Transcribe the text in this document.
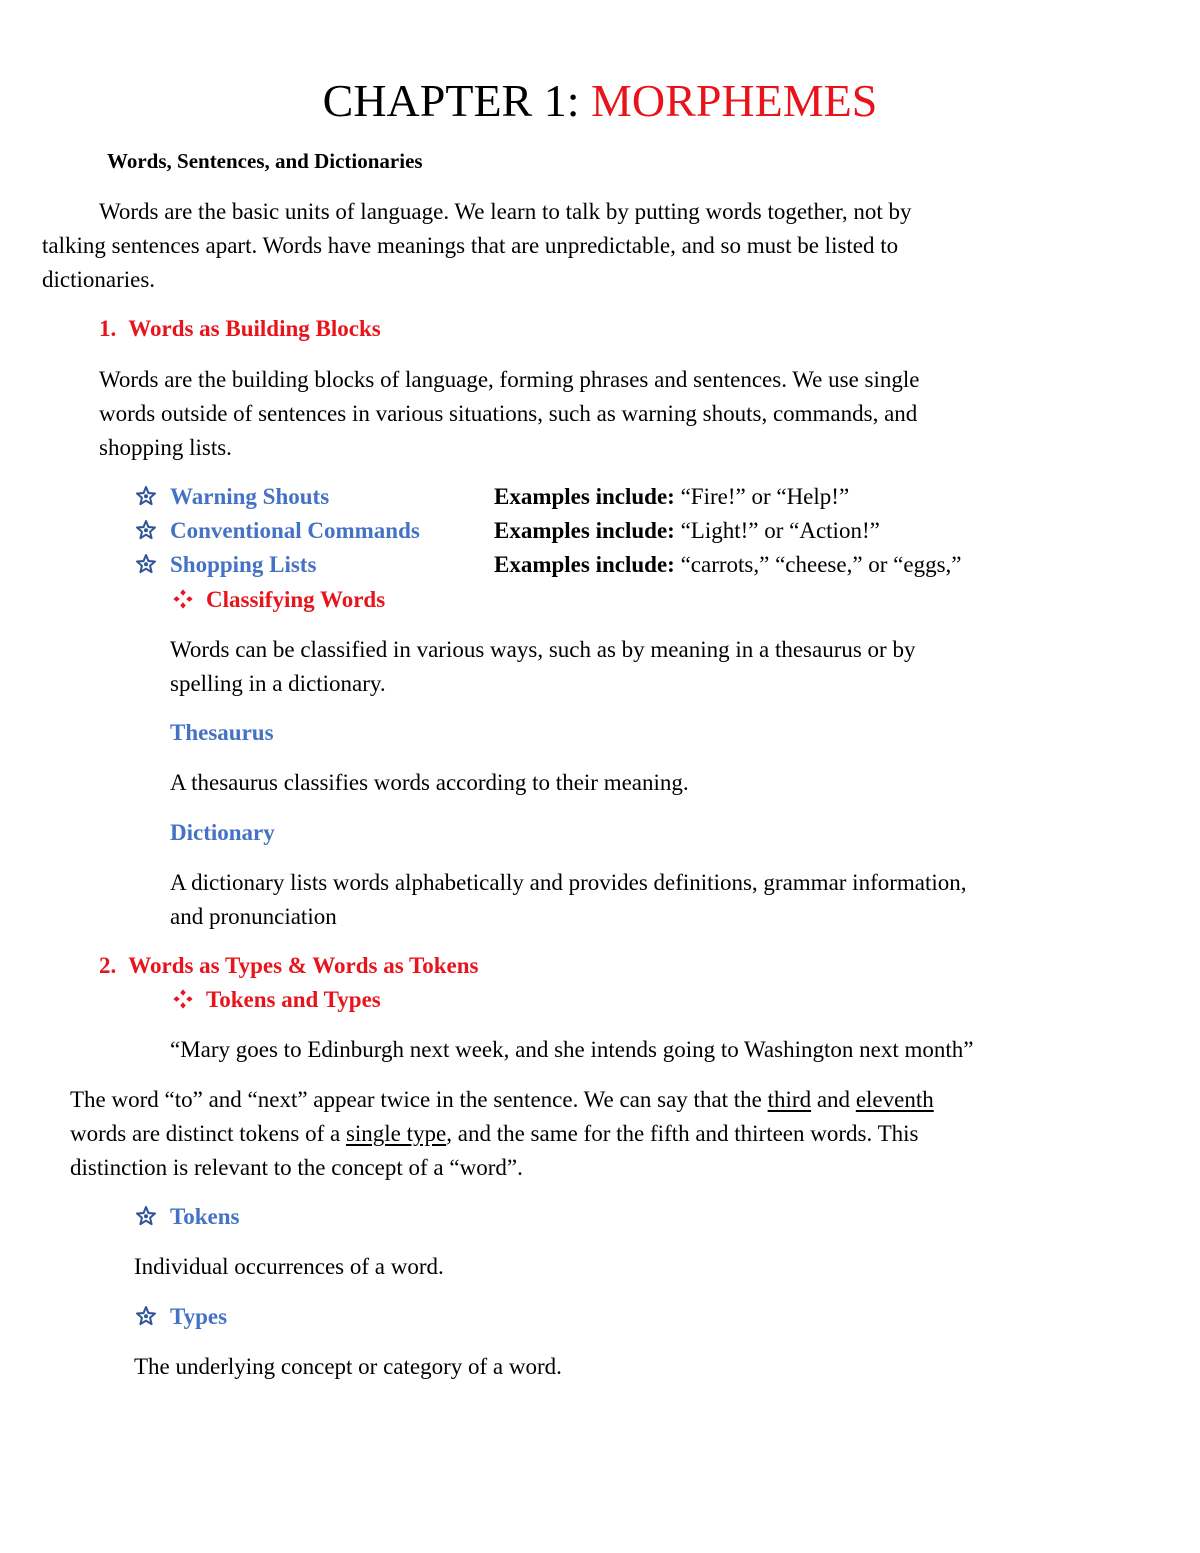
CHAPTER 1: MORPHEMES
Words, Sentences, and Dictionaries
Words are the basic units of language. We learn to talk by putting words together, not by
talking sentences apart. Words have meanings that are unpredictable, and so must be listed to
dictionaries.
1. Words as Building Blocks
Words are the building blocks of language, forming phrases and sentences. We use single
words outside of sentences in various situations, such as warning shouts, commands, and
shopping lists.
Warning Shouts	Examples include: “Fire!” or “Help!”
Conventional Commands	Examples include: “Light!” or “Action!”
Shopping Lists	Examples include: “carrots,” “cheese,” or “eggs,”
Classifying Words
Words can be classified in various ways, such as by meaning in a thesaurus or by
spelling in a dictionary.
Thesaurus
A thesaurus classifies words according to their meaning.
Dictionary
A dictionary lists words alphabetically and provides definitions, grammar information,
and pronunciation
2. Words as Types & Words as Tokens
Tokens and Types
“Mary goes to Edinburgh next week, and she intends going to Washington next month”
The word “to” and “next” appear twice in the sentence. We can say that the third and eleventh
words are distinct tokens of a single type, and the same for the fifth and thirteen words. This
distinction is relevant to the concept of a “word”.
Tokens
Individual occurrences of a word.
Types
The underlying concept or category of a word.
